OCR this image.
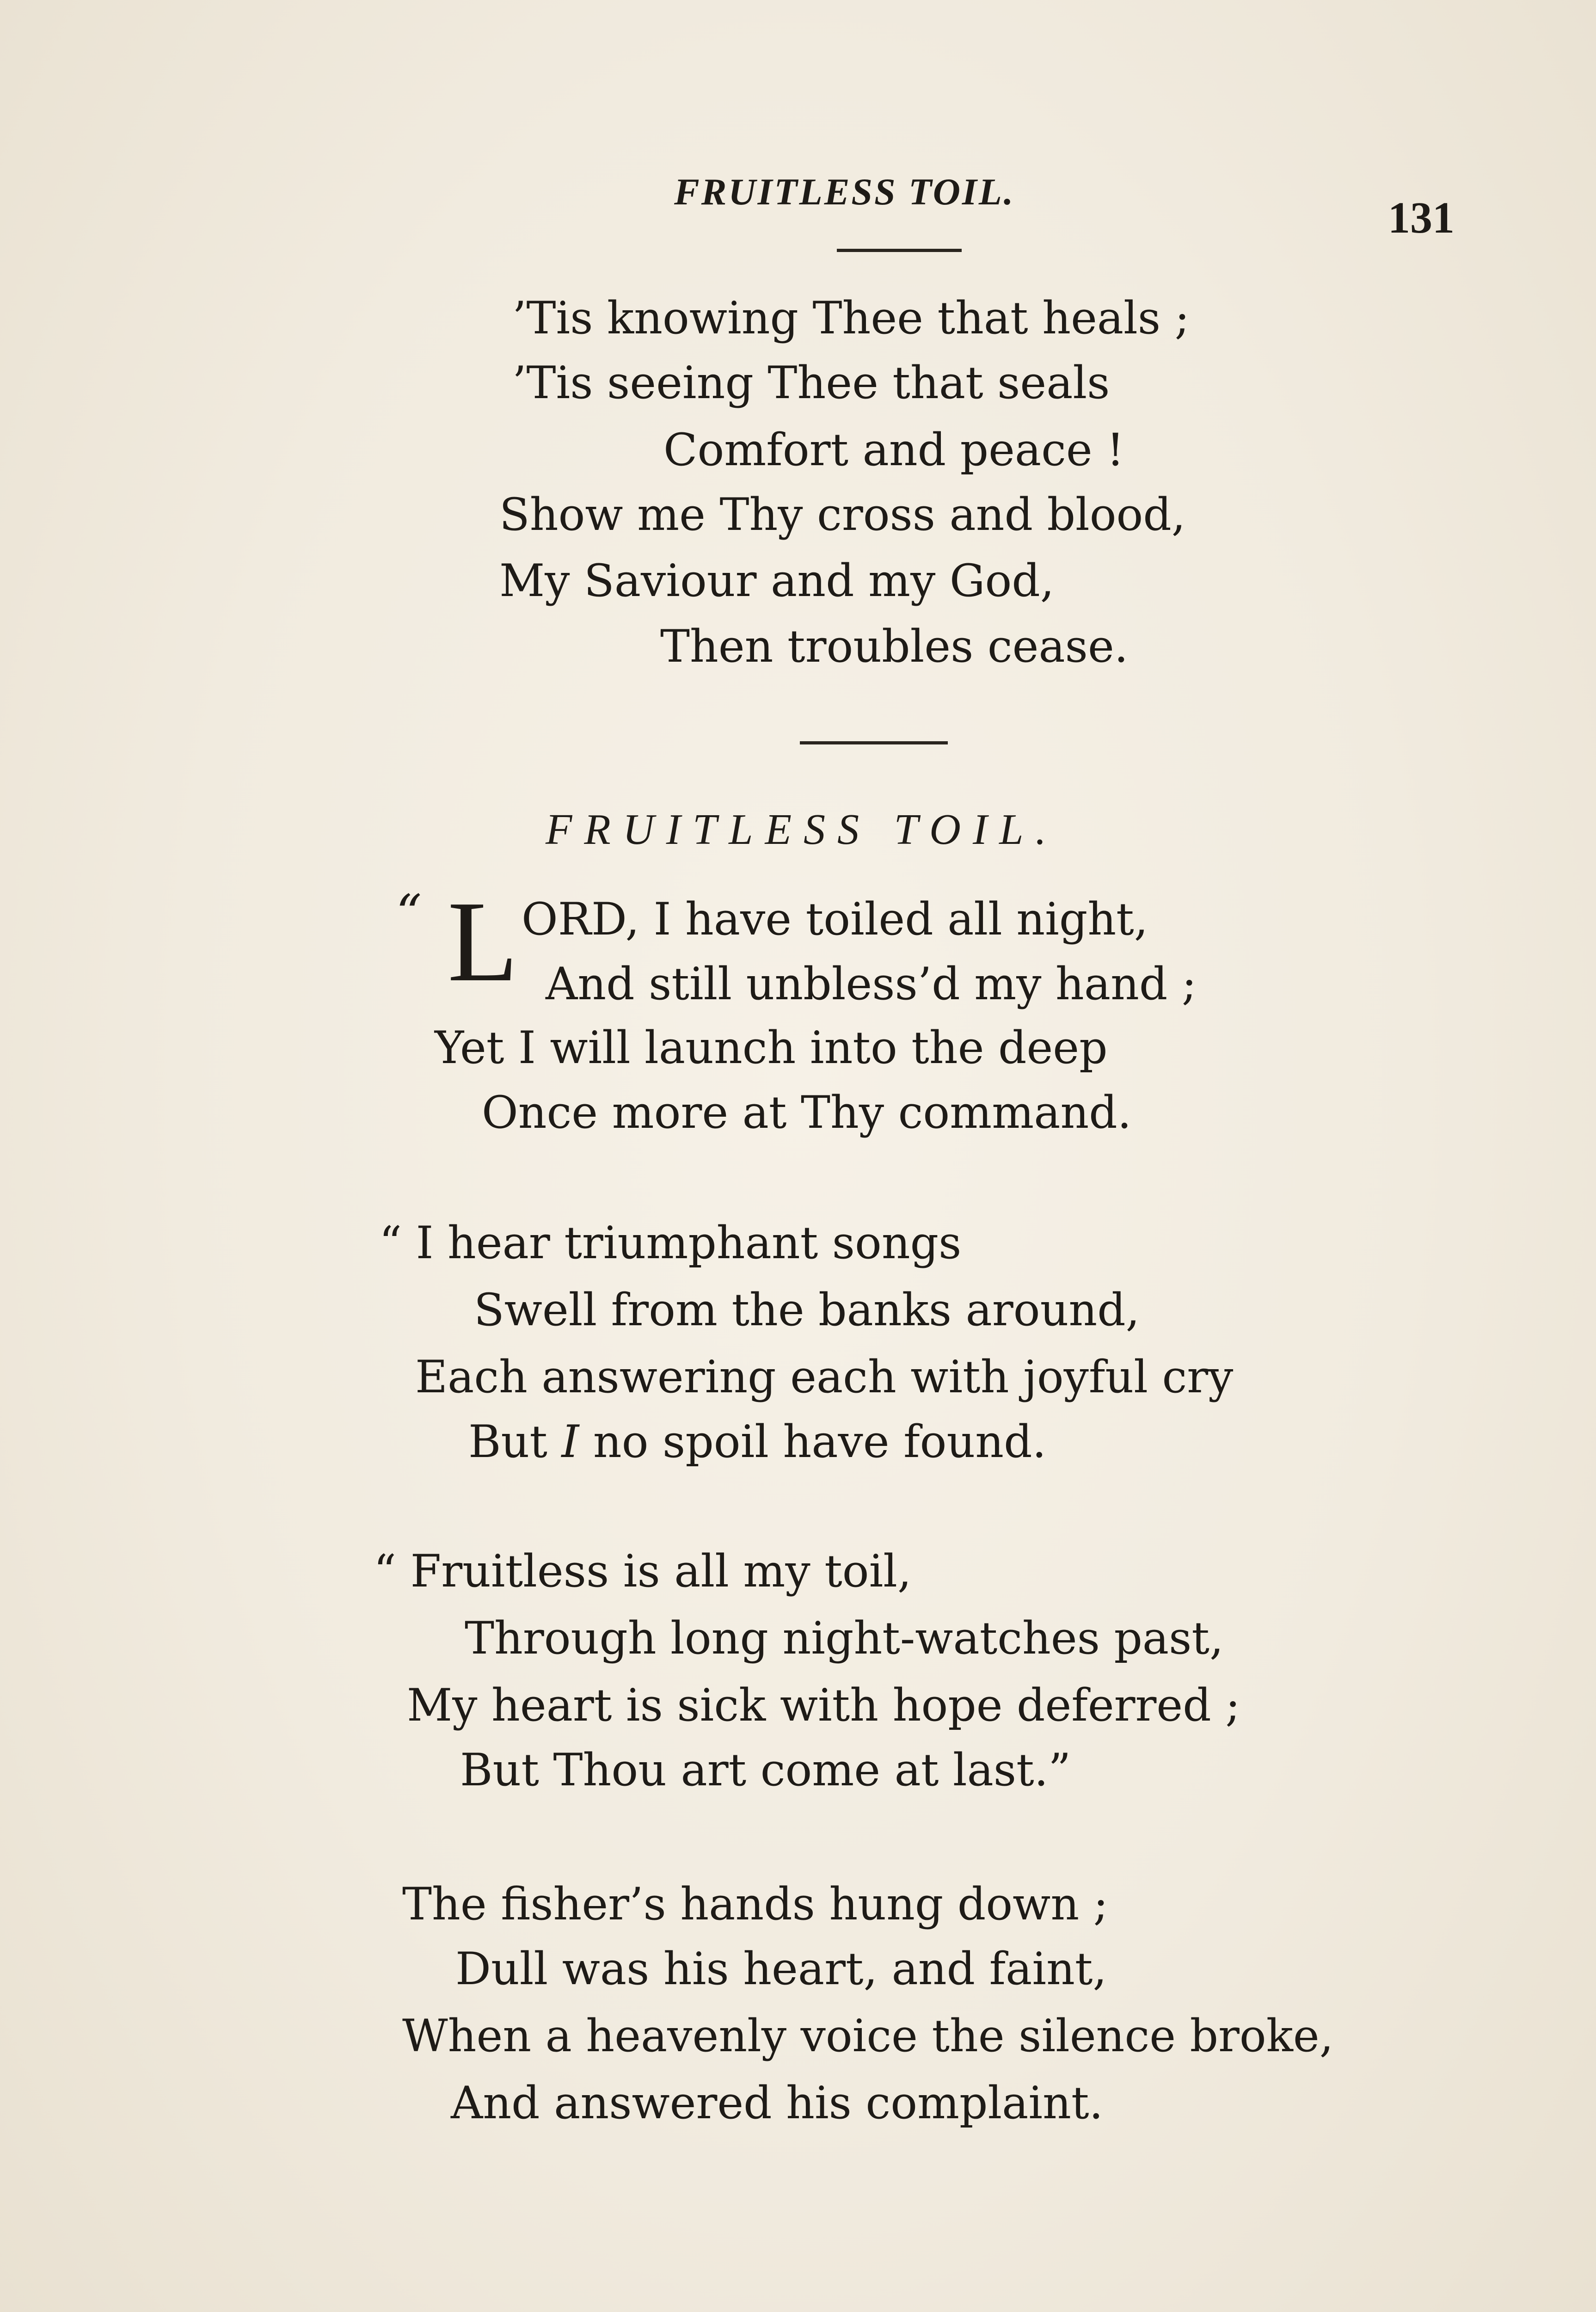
FRUITLESS TOIL.
131
’Tis knowing Thee that heals ;
’Tis seeing Thee that seals
Comfort and peace !
Show me Thy cross and blood,
My Saviour and my God,
Then troubles cease.
FRUITLESS TOIL.
“ L ORD, I have toiled all night,
And still unbless’d my hand ;
Yet I will launch into the deep
Once more at Thy command.
“ I hear triumphant songs
Swell from the banks around,
Each answering each with joyful cry
But I no spoil have found.
“ Fruitless is all my toil,
Through long night-watches past,
My heart is sick with hope deferred ;
But Thou art come at last.”
The fisher’s hands hung down ;
Dull was his heart, and faint,
When a heavenly voice the silence broke,
And answered his complaint.
